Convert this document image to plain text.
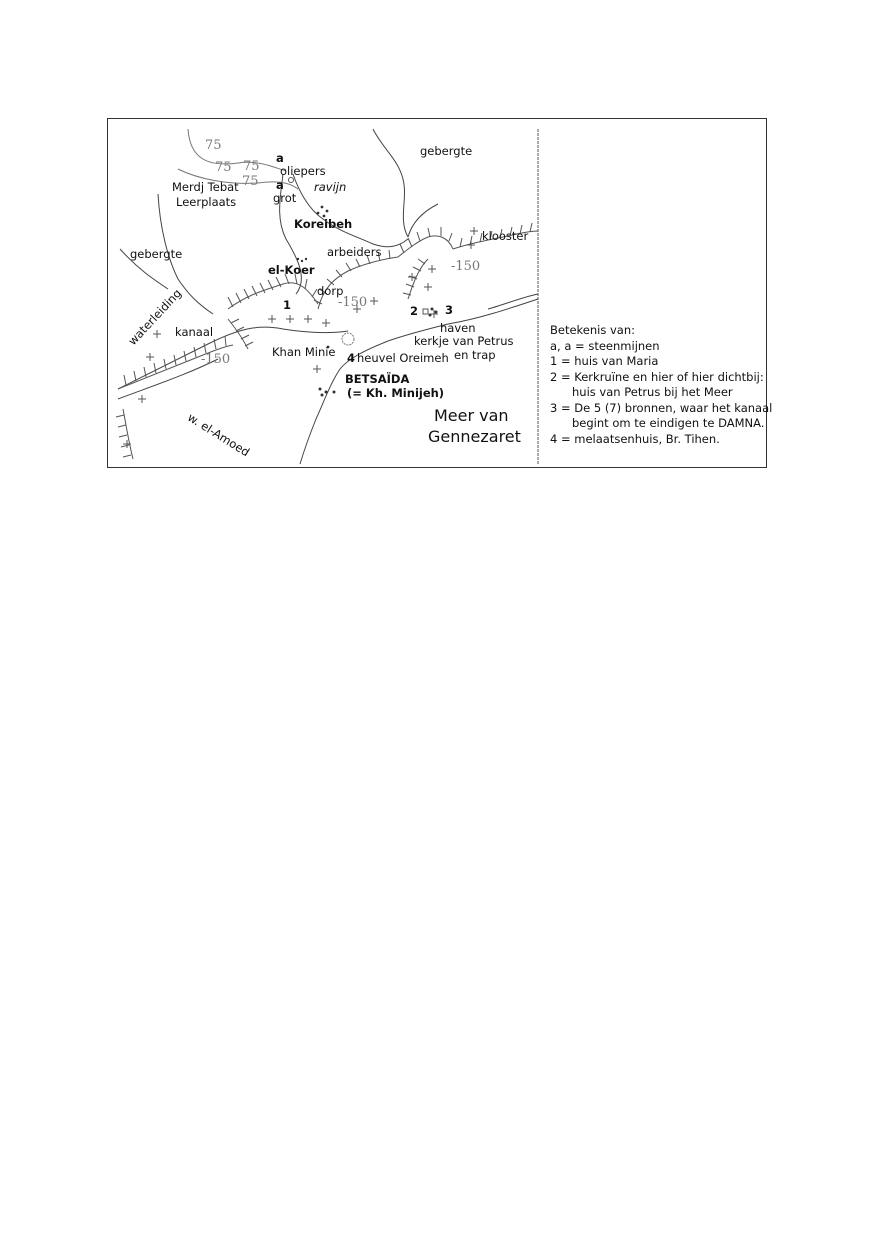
gebergte
gebergte
a
oliepers
a
grot
ravijn
Merdj Tebat
Leerplaats
Koreibeh
klooster
arbeiders
el-Koer
dorp
1	2 3
haven
kerkje van Petrus
en trap
kanaal
waterleiding
Khan Minie 4 heuvel Oreimeh
BETSAÏDA
(= Kh. Minijeh)
w. el-Amoed	Meer van
Gennezaret
75
75
75
75
-150
-150
-150
Betekenis van:
a, a = steenmijnen
1 = huis van Maria
2 = Kerkruïne en hier of hier dichtbij:
huis van Petrus bij het Meer
3 = De 5 (7) bronnen, waar het kanaal
begint om te eindigen te DAMNA.
4 = melaatsenhuis, Br. Tihen.
